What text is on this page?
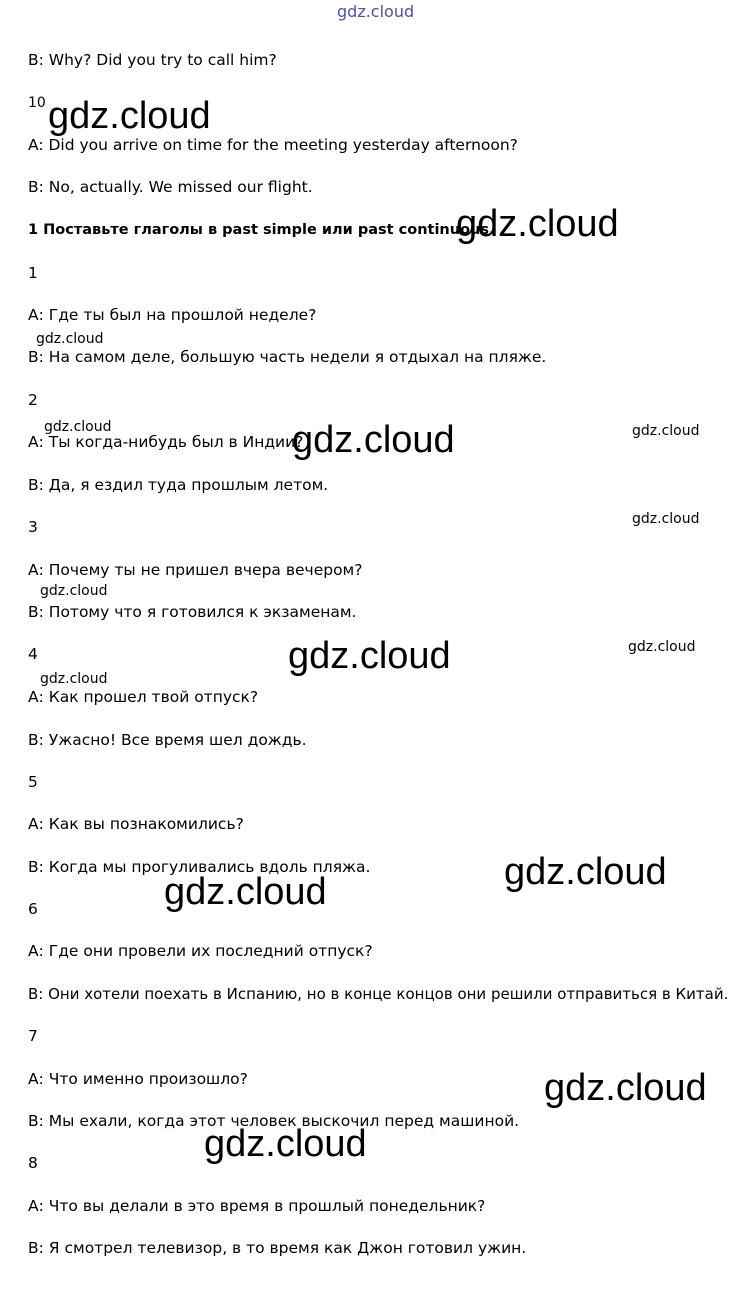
gdz.cloud
B: Why? Did you try to call him?
10 gdz.cloud
A: Did you arrive on time for the meeting yesterday afternoon?
B: No, actually. We missed our flight.
1 Поставьте глаголы в past simple или past continuous.
gdz.cloud
1
А: Где ты был на прошлой неделе?
gdz.cloud
В: На самом деле, большую часть недели я отдыхал на пляже.
2
gdz.cloud	gdz.cloud
А: Ты когда-нибудь был в Индии?
gdz.cloud
В: Да, я ездил туда прошлым летом.
gdz.cloud
3
А: Почему ты не пришел вчера вечером?
gdz.cloud
В: Потому что я готовился к экзаменам.
gdz.cloud
gdz.cloud
4
gdz.cloud
А: Как прошел твой отпуск?
В: Ужасно! Все время шел дождь.
5
А: Как вы познакомились?
В: Когда мы прогуливались вдоль пляжа.	gdz.cloud
gdz.cloud
6
А: Где они провели их последний отпуск?
В: Они хотели поехать в Испанию, но в конце концов они решили отправиться в Китай.
7
А: Что именно произошло?	gdz.cloud
В: Мы ехали, когда этот человек выскочил перед машиной.
gdz.cloud
8
А: Что вы делали в это время в прошлый понедельник?
В: Я смотрел телевизор, в то время как Джон готовил ужин.
